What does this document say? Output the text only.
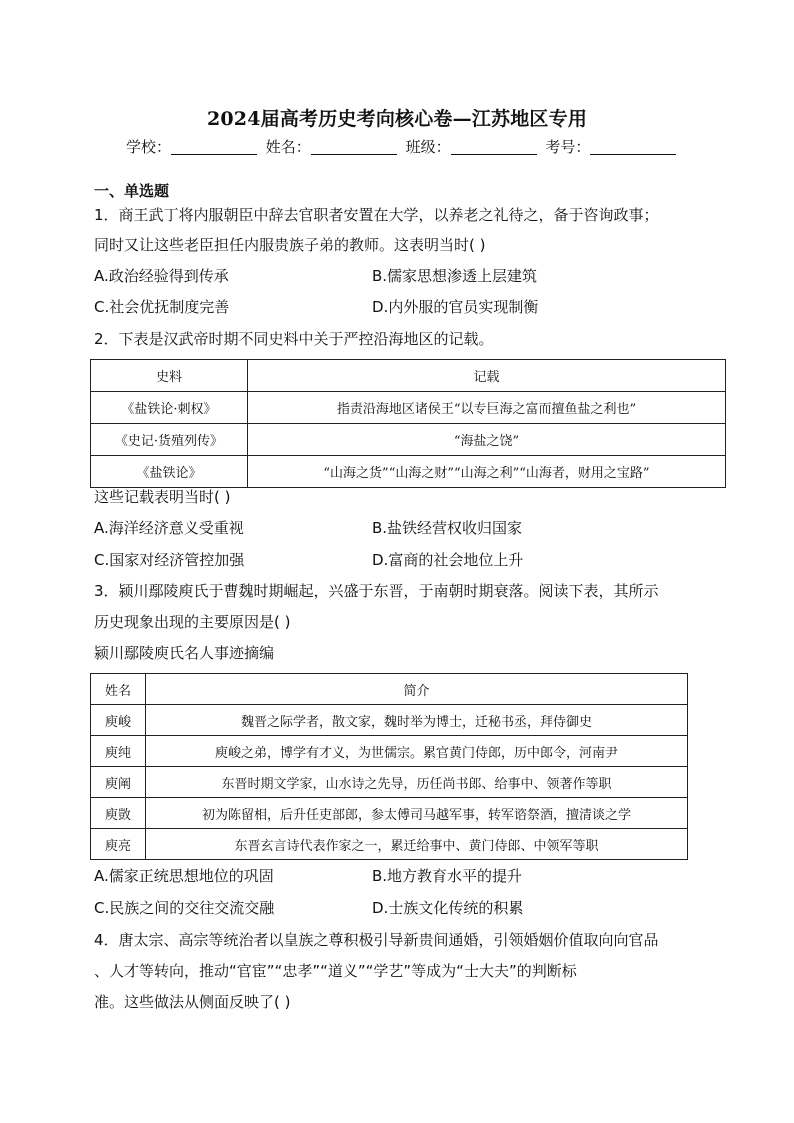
2024届高考历史考向核心卷—江苏地区专用
学校：	姓名：	班级：	考号：
一、单选题
1．商王武丁将内服朝臣中辞去官职者安置在大学，以养老之礼待之，备于咨询政事；
同时又让这些老臣担任内服贵族子弟的教师。这表明当时( )
A.政治经验得到传承	B.儒家思想渗透上层建筑
C.社会优抚制度完善	D.内外服的官员实现制衡
2．下表是汉武帝时期不同史料中关于严控沿海地区的记载。
史料	记载
《盐铁论·刺权》	指责沿海地区诸侯王“以专巨海之富而擅鱼盐之利也”
《史记·货殖列传》	“海盐之饶”
《盐铁论》	“山海之货”“山海之财”“山海之利”“山海者，财用之宝路”
这些记载表明当时( )
A.海洋经济意义受重视	B.盐铁经营权收归国家
C.国家对经济管控加强	D.富商的社会地位上升
3．颍川鄢陵庾氏于曹魏时期崛起，兴盛于东晋，于南朝时期衰落。阅读下表，其所示
历史现象出现的主要原因是( )
颍川鄢陵庾氏名人事迹摘编
姓名	简介
庾峻	魏晋之际学者，散文家，魏时举为博士，迁秘书丞，拜侍御史
庾纯	庾峻之弟，博学有才义，为世儒宗。累官黄门侍郎，历中郎令，河南尹
庾阐	东晋时期文学家，山水诗之先导，历任尚书郎、给事中、领著作等职
庾敳	初为陈留相，后升任吏部郎，参太傅司马越军事，转军谘祭酒，擅清谈之学
庾亮	东晋玄言诗代表作家之一，累迁给事中、黄门侍郎、中领军等职
A.儒家正统思想地位的巩固	B.地方教育水平的提升
C.民族之间的交往交流交融	D.士族文化传统的积累
4．唐太宗、高宗等统治者以皇族之尊积极引导新贵间通婚，引领婚姻价值取向向官品
、人才等转向，推动“官宦”“忠孝”“道义”“学艺”等成为“士大夫”的判断标
准。这些做法从侧面反映了( )
